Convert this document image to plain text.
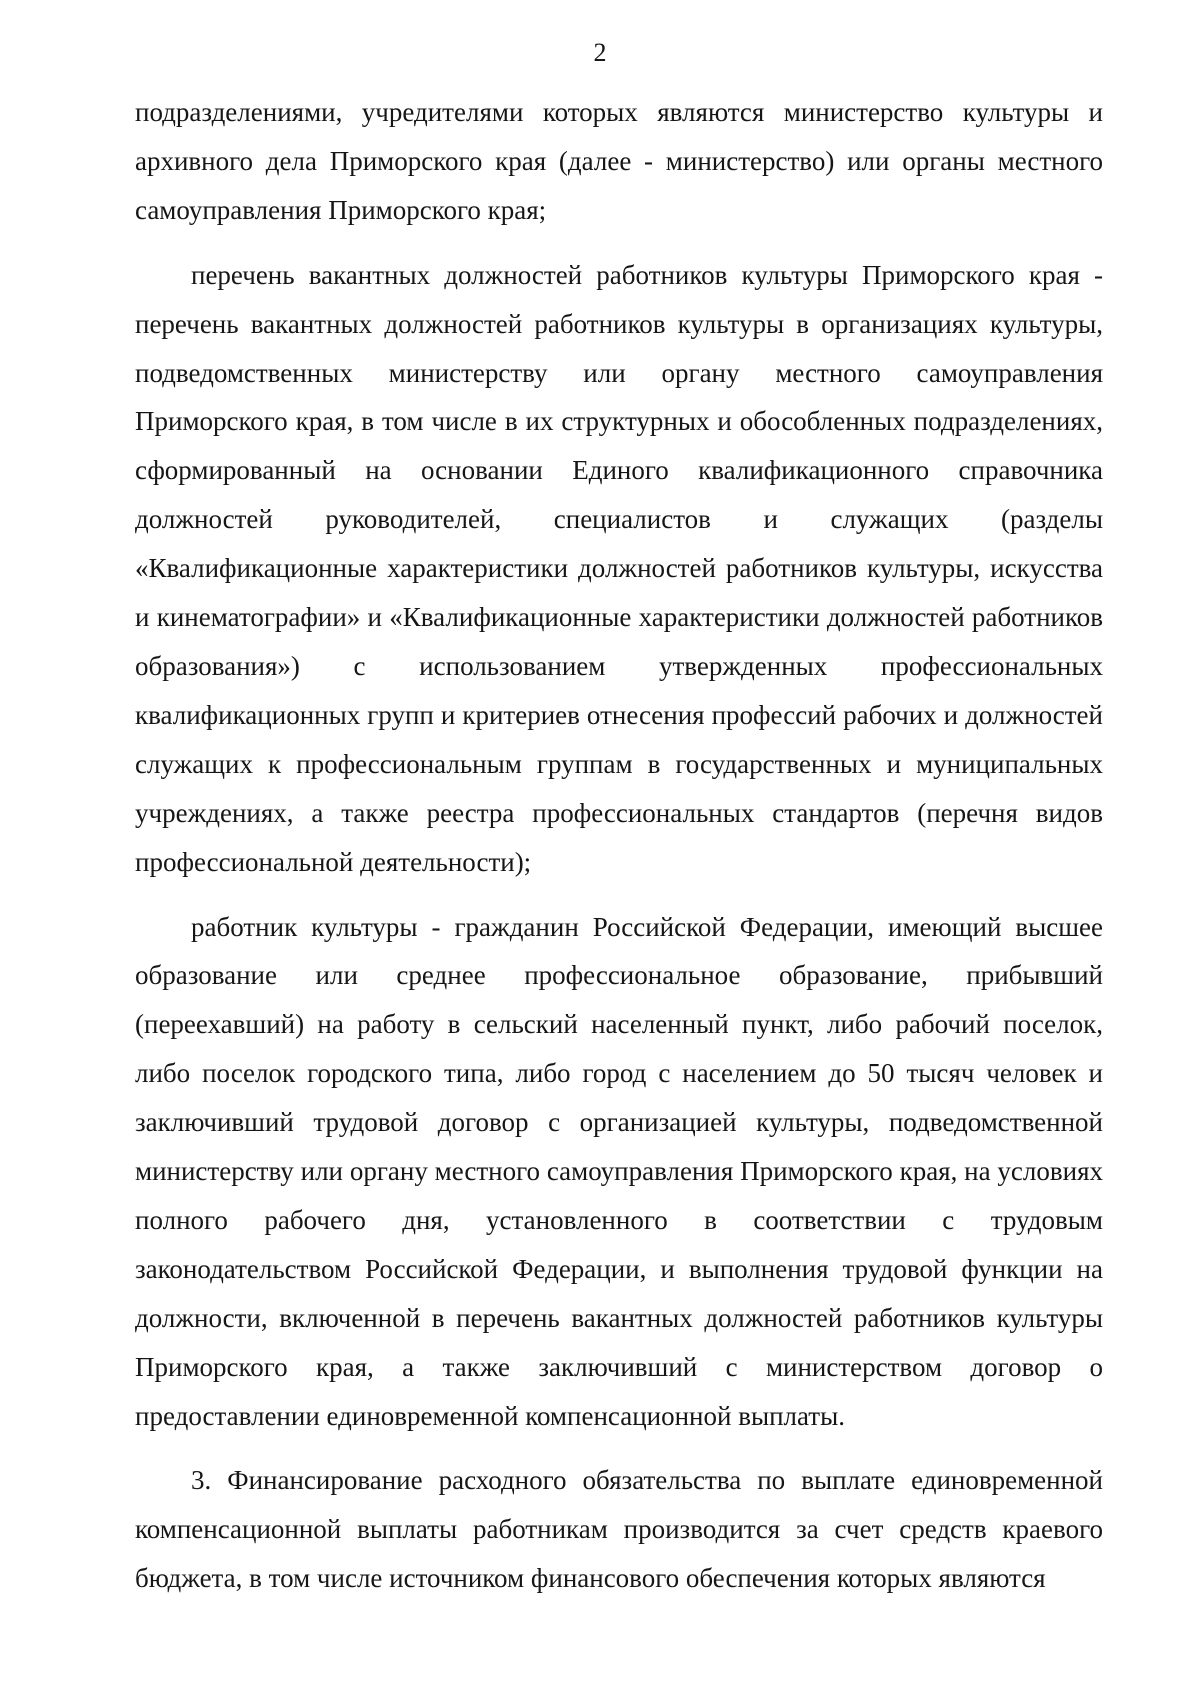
2

подразделениями, учредителями которых являются министерство культуры и архивного дела Приморского края (далее - министерство) или органы местного самоуправления Приморского края;

перечень вакантных должностей работников культуры Приморского края - перечень вакантных должностей работников культуры в организациях культуры, подведомственных министерству или органу местного самоуправления Приморского края, в том числе в их структурных и обособленных подразделениях, сформированный на основании Единого квалификационного справочника должностей руководителей, специалистов и служащих (разделы «Квалификационные характеристики должностей работников культуры, искусства и кинематографии» и «Квалификационные характеристики должностей работников образования») с использованием утвержденных профессиональных квалификационных групп и критериев отнесения профессий рабочих и должностей служащих к профессиональным группам в государственных и муниципальных учреждениях, а также реестра профессиональных стандартов (перечня видов профессиональной деятельности);

работник культуры - гражданин Российской Федерации, имеющий высшее образование или среднее профессиональное образование, прибывший (переехавший) на работу в сельский населенный пункт, либо рабочий поселок, либо поселок городского типа, либо город с населением до 50 тысяч человек и заключивший трудовой договор с организацией культуры, подведомственной министерству или органу местного самоуправления Приморского края, на условиях полного рабочего дня, установленного в соответствии с трудовым законодательством Российской Федерации, и выполнения трудовой функции на должности, включенной в перечень вакантных должностей работников культуры Приморского края, а также заключивший с министерством договор о предоставлении единовременной компенсационной выплаты.

3. Финансирование расходного обязательства по выплате единовременной компенсационной выплаты работникам производится за счет средств краевого бюджета, в том числе источником финансового обеспечения которых являются
